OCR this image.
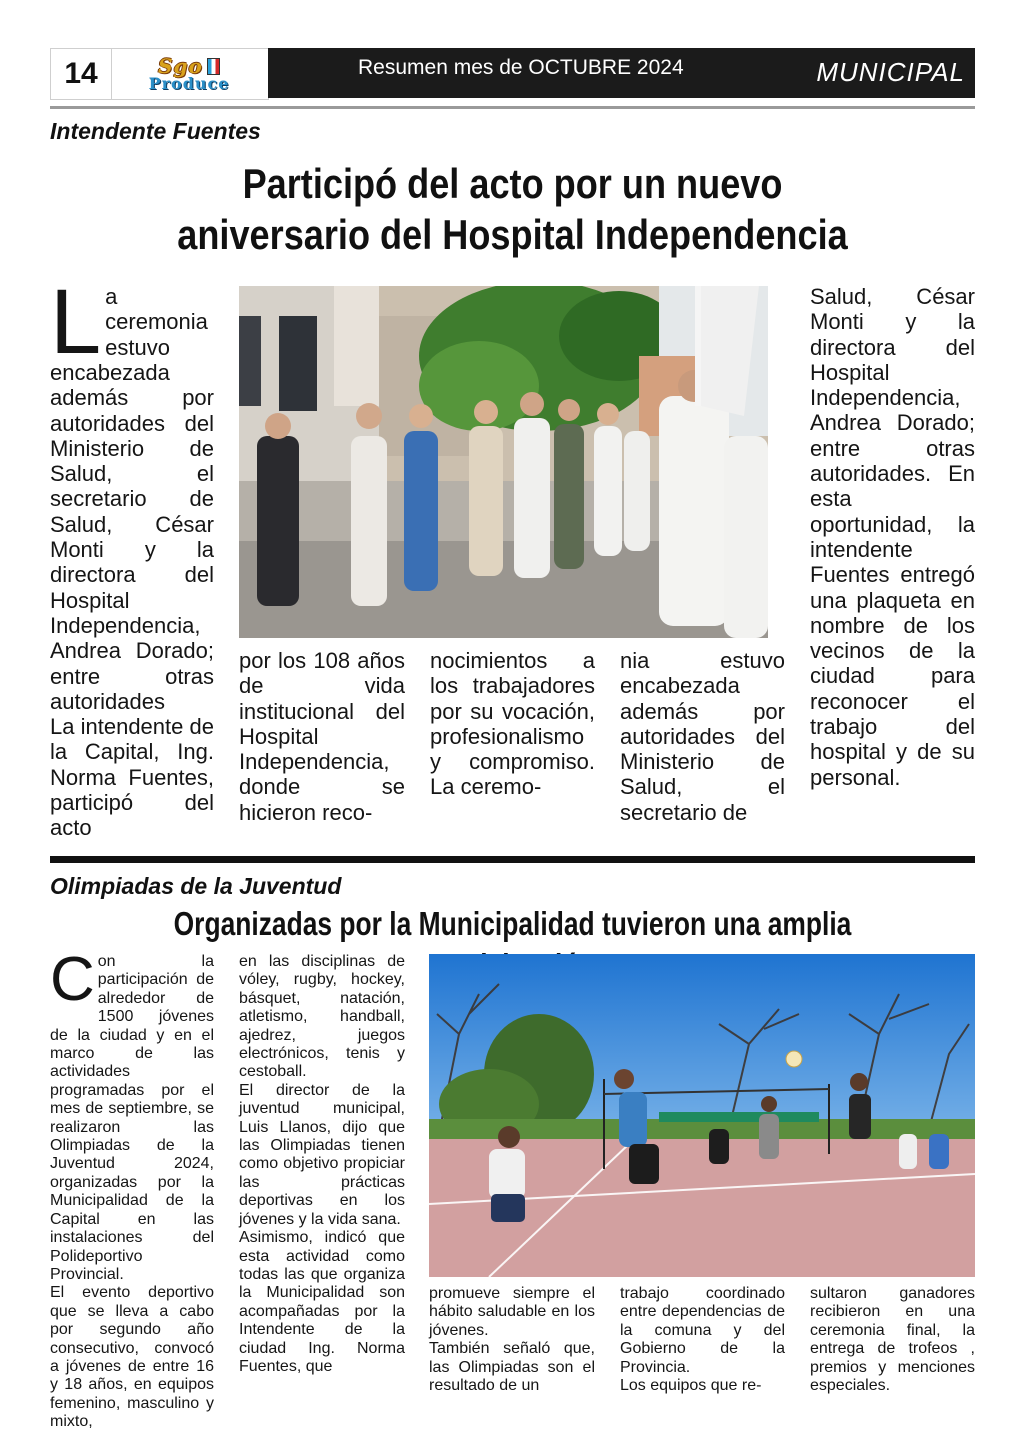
14	Sgo
Produce
Resumen mes de OCTUBRE 2024	MUNICIPAL
Intendente Fuentes
Participó del acto por un nuevo
aniversario del Hospital Independencia
L a ceremonia estuvo encabezada además por autoridades del Ministerio de Salud, el secretario de Salud, César Monti y la directora del Hospital Independencia, Andrea Dorado; entre otras autoridades

La intendente de la Capital, Ing. Norma Fuentes, participó del acto

por los 108 años de vida institucional del Hospital Independencia, donde se hicieron reco-

nocimientos a los trabajadores por su vocación, profesionalismo y compromiso. La ceremo-

nia estuvo encabezada además por autoridades del Ministerio de Salud, el secretario de

Salud, César Monti y la directora del Hospital Independencia, Andrea Dorado; entre otras autoridades. En esta oportunidad, la intendente Fuentes entregó una plaqueta en nombre de los vecinos de la ciudad para reconocer el trabajo del hospital y de su personal.

Olimpiadas de la Juventud
Organizadas por la Municipalidad tuvieron una amplia
C on la participación de alrededor de 1500 jóvenes de la ciudad y en el marco de las actividades programadas por el mes de septiembre, se realizaron las Olimpiadas de la Juventud 2024, organizadas por la Municipalidad de la Capital en las instalaciones del Polideportivo Provincial.

El evento deportivo que se lleva a cabo por segundo año consecutivo, convocó a jóvenes de entre 16 y 18 años, en equipos femenino, masculino y mixto,

en las disciplinas de vóley, rugby, hockey, básquet, natación, atletismo, handball, ajedrez, juegos electrónicos, tenis y cestoball.

El director de la juventud municipal, Luis Llanos, dijo que las Olimpiadas tienen como objetivo propiciar las prácticas deportivas en los jóvenes y la vida sana.

Asimismo, indicó que esta actividad como todas las que organiza la Municipalidad son acompañadas por la Intendente de la ciudad Ing. Norma Fuentes, que

promueve siempre el hábito saludable en los jóvenes.

También señaló que, las Olimpiadas son el resultado de un

trabajo coordinado entre dependencias de la comuna y del Gobierno de la Provincia.

Los equipos que re-

sultaron ganadores recibieron en una ceremonia final, la entrega de trofeos , premios y menciones especiales.
